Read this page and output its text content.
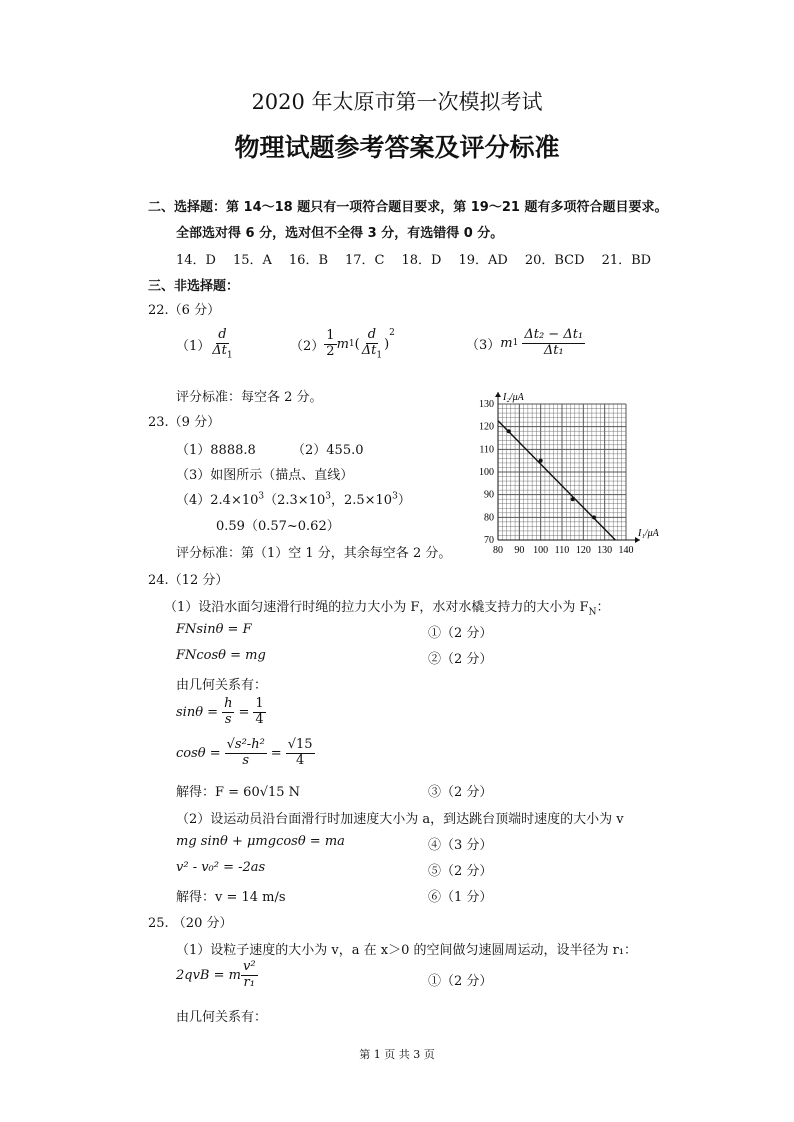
2020 年太原市第一次模拟考试
物理试题参考答案及评分标准
二、选择题：第 14～18 题只有一项符合题目要求，第 19～21 题有多项符合题目要求。
全部选对得 6 分，选对但不全得 3 分，有选错得 0 分。
14．D 15．A 16．B 17．C 18．D 19．AD 20．BCD 21．BD
三、非选择题：
22.（6 分）
$(1) \frac{d}{\Delta t_1}$	$(2) \frac{1}{2}$ m 1 ( $\frac{d}{\Delta t_1}$ )
$^2$
（3） m $1 \frac{\text{Δt₂ − Δt₁}}{\text{Δt₁}}$
评分标准：每空各 2 分。
23.（9 分）
（1）8888.8	（2）455.0
（3）如图所示（描点、直线）
$(4)2.4\times 10^3(2.3\times 10^3$，$2.5\times 10^3$）
0.59（0.57~0.62）
评分标准：第（1）空 1 分，其余每空各 2 分。	80 90 100 110 120 130 140
70
80
90
100
110
120
130
I₂/μA
I₁/μA
24.（12 分）
（1）设沿水面匀速滑行时绳的拉力大小为 F，水对水橇支持力的大小为 $F_N$：
FNsinθ = F	①（2 分）
FNcosθ = mg	②（2 分）
由几何关系有：
$\sin\theta = \frac{h}{s} = \frac{1}{4}$
$\cos\theta = \frac{\text{√s²-h²}}{s} = \frac{√15}{4}$
解得：F = 60√15 N	③（2 分）
（2）设运动员沿台面滑行时加速度大小为 a，到达跳台顶端时速度的大小为 v
mg sinθ + μmgcosθ = ma	④（3 分）
v² - v₀² = -2as	⑤（2 分）
解得：v = 14 m/s	⑥（1 分）
25. （20 分）
（1）设粒子速度的大小为 v，a 在 x＞0 的空间做匀速圆周运动，设半径为 r₁：
2qvB = m $\frac{\text{v²}}{\text{r₁}}$	①（2 分）
由几何关系有：
第 1 页 共 3 页
